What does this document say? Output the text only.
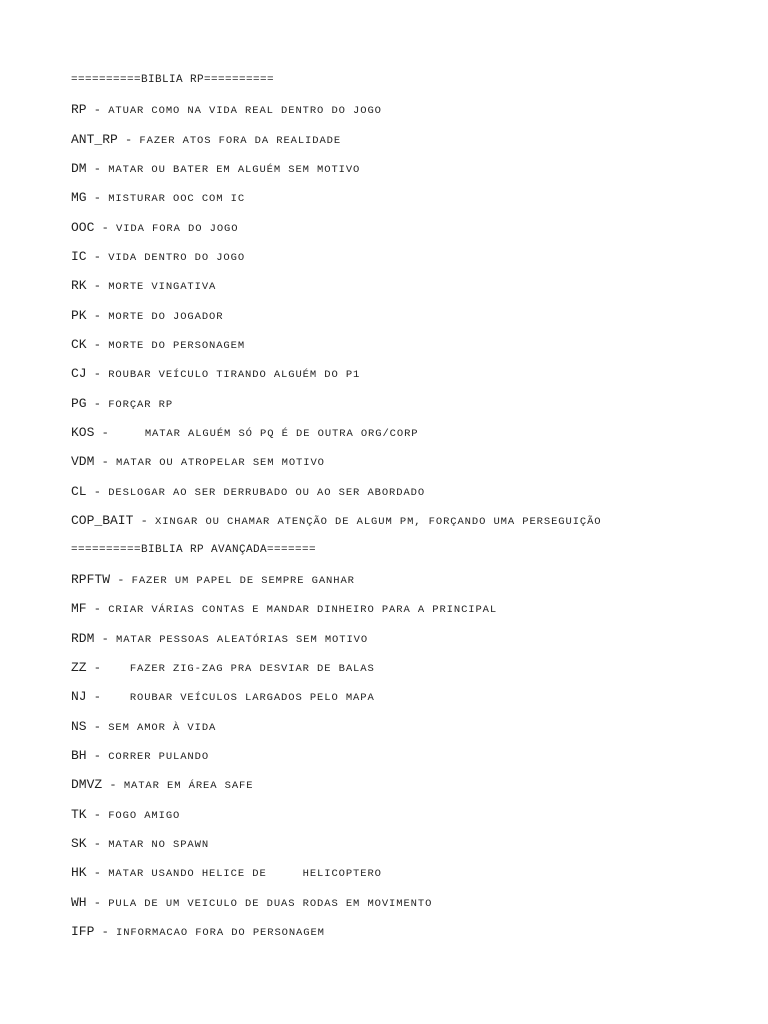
==========BIBLIA RP==========
RP - ATUAR COMO NA VIDA REAL DENTRO DO JOGO
ANT_RP - FAZER ATOS FORA DA REALIDADE
DM - MATAR OU BATER EM ALGUÉM SEM MOTIVO
MG - MISTURAR OOC COM IC
OOC - VIDA FORA DO JOGO
IC - VIDA DENTRO DO JOGO
RK - MORTE VINGATIVA
PK - MORTE DO JOGADOR
CK - MORTE DO PERSONAGEM
CJ - ROUBAR VEÍCULO TIRANDO ALGUÉM DO P1
PG - FORÇAR RP
KOS -     MATAR ALGUÉM SÓ PQ É DE OUTRA ORG/CORP
VDM - MATAR OU ATROPELAR SEM MOTIVO
CL - DESLOGAR AO SER DERRUBADO OU AO SER ABORDADO
COP_BAIT - XINGAR OU CHAMAR ATENÇÃO DE ALGUM PM, FORÇANDO UMA PERSEGUIÇÃO
==========BIBLIA RP AVANÇADA=======
RPFTW - FAZER UM PAPEL DE SEMPRE GANHAR
MF - CRIAR VÁRIAS CONTAS E MANDAR DINHEIRO PARA A PRINCIPAL
RDM - MATAR PESSOAS ALEATÓRIAS SEM MOTIVO
ZZ -    FAZER ZIG-ZAG PRA DESVIAR DE BALAS
NJ -    ROUBAR VEÍCULOS LARGADOS PELO MAPA
NS - SEM AMOR À VIDA
BH - CORRER PULANDO
DMVZ - MATAR EM ÁREA SAFE
TK - FOGO AMIGO
SK - MATAR NO SPAWN
HK - MATAR USANDO HELICE DE     HELICOPTERO
WH - PULA DE UM VEICULO DE DUAS RODAS EM MOVIMENTO
IFP - INFORMACAO FORA DO PERSONAGEM
